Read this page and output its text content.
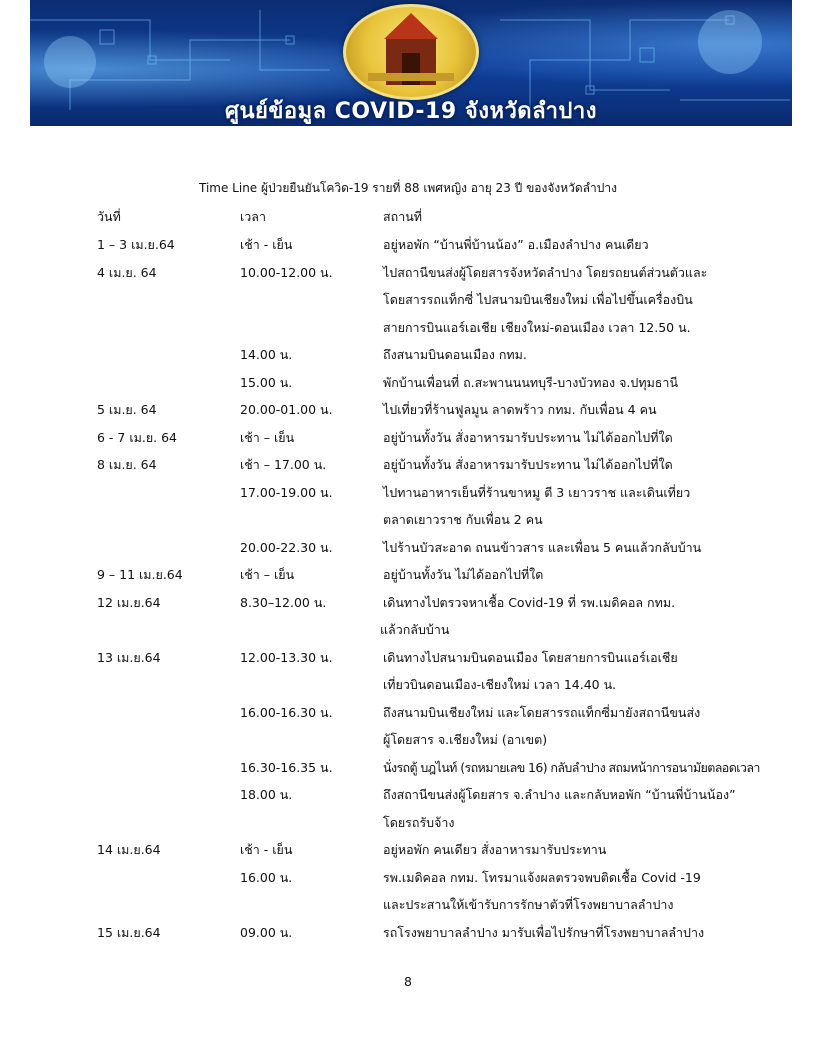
ศูนย์ข้อมูล COVID-19 จังหวัดลำปาง
Time Line ผู้ป่วยยืนยันโควิด-19 รายที่ 88 เพศหญิง อายุ 23 ปี ของจังหวัดลำปาง
วันที่	เวลา	สถานที่
1 – 3 เม.ย.64	เช้า - เย็น	อยู่หอพัก “บ้านพี่บ้านน้อง” อ.เมืองลำปาง คนเดียว
4 เม.ย. 64	10.00-12.00 น.	ไปสถานีขนส่งผู้โดยสารจังหวัดลำปาง โดยรถยนต์ส่วนตัวและ
โดยสารรถแท็กซี่ ไปสนามบินเชียงใหม่ เพื่อไปขึ้นเครื่องบิน
สายการบินแอร์เอเชีย เชียงใหม่-ดอนเมือง เวลา 12.50 น.
14.00 น.	ถึงสนามบินดอนเมือง กทม.
15.00 น.	พักบ้านเพื่อนที่ ถ.สะพานนนทบุรี-บางบัวทอง จ.ปทุมธานี
5 เม.ย. 64	20.00-01.00 น.	ไปเที่ยวที่ร้านฟูลมูน ลาดพร้าว กทม. กับเพื่อน 4 คน
6 - 7 เม.ย. 64	เช้า – เย็น	อยู่บ้านทั้งวัน สั่งอาหารมารับประทาน ไม่ได้ออกไปที่ใด
8 เม.ย. 64	เช้า – 17.00 น.	อยู่บ้านทั้งวัน สั่งอาหารมารับประทาน ไม่ได้ออกไปที่ใด
17.00-19.00 น.	ไปทานอาหารเย็นที่ร้านขาหมู ตี 3 เยาวราช และเดินเที่ยว
ตลาดเยาวราช กับเพื่อน 2 คน
20.00-22.30 น.	ไปร้านบัวสะอาด ถนนข้าวสาร และเพื่อน 5 คนแล้วกลับบ้าน
9 – 11 เม.ย.64	เช้า – เย็น	อยู่บ้านทั้งวัน ไม่ได้ออกไปที่ใด
12 เม.ย.64	8.30–12.00 น.	เดินทางไปตรวจหาเชื้อ Covid-19 ที่ รพ.เมดิคอล กทม.
แล้วกลับบ้าน
13 เม.ย.64	12.00-13.30 น.	เดินทางไปสนามบินดอนเมือง โดยสายการบินแอร์เอเชีย
เที่ยวบินดอนเมือง-เชียงใหม่ เวลา 14.40 น.
16.00-16.30 น.	ถึงสนามบินเชียงใหม่ และโดยสารรถแท็กซี่มายังสถานีขนส่ง
ผู้โดยสาร จ.เชียงใหม่ (อาเขต)
16.30-16.35 น.	นั่งรถตู้ บฎไนท์ (รถหมายเลข 16) กลับลำปาง สถมหน้าการอนามัยตลอดเวลา
18.00 น.	ถึงสถานีขนส่งผู้โดยสาร จ.ลำปาง และกลับหอพัก “บ้านพี่บ้านน้อง”
โดยรถรับจ้าง
14 เม.ย.64	เช้า - เย็น	อยู่หอพัก คนเดียว สั่งอาหารมารับประทาน
16.00 น.	รพ.เมดิคอล กทม. โทรมาแจ้งผลตรวจพบติดเชื้อ Covid -19
และประสานให้เข้ารับการรักษาตัวที่โรงพยาบาลลำปาง
15 เม.ย.64	09.00 น.	รถโรงพยาบาลลำปาง มารับเพื่อไปรักษาที่โรงพยาบาลลำปาง
8
